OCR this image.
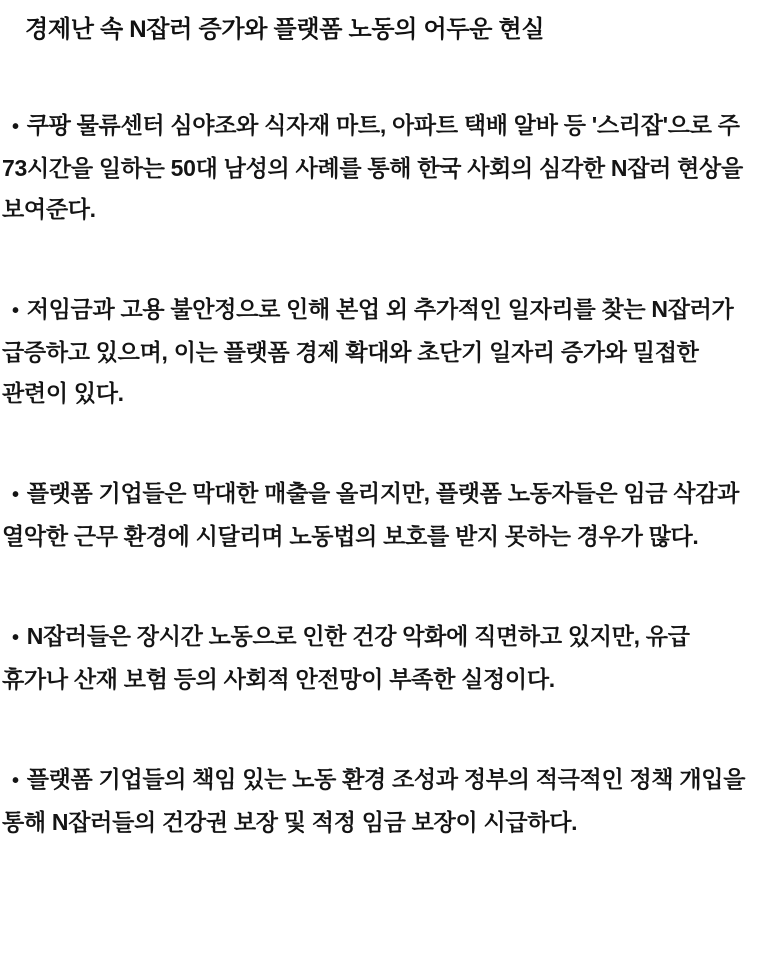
경제난 속 N잡러 증가와 플랫폼 노동의 어두운 현실

• 쿠팡 물류센터 심야조와 식자재 마트, 아파트 택배 알바 등 '스리잡'으로 주 73시간을 일하는 50대 남성의 사례를 통해 한국 사회의 심각한 N잡러 현상을 보여준다.

• 저임금과 고용 불안정으로 인해 본업 외 추가적인 일자리를 찾는 N잡러가 급증하고 있으며, 이는 플랫폼 경제 확대와 초단기 일자리 증가와 밀접한 관련이 있다.

• 플랫폼 기업들은 막대한 매출을 올리지만, 플랫폼 노동자들은 임금 삭감과 열악한 근무 환경에 시달리며 노동법의 보호를 받지 못하는 경우가 많다.

• N잡러들은 장시간 노동으로 인한 건강 악화에 직면하고 있지만, 유급 휴가나 산재 보험 등의 사회적 안전망이 부족한 실정이다.

• 플랫폼 기업들의 책임 있는 노동 환경 조성과 정부의 적극적인 정책 개입을 통해 N잡러들의 건강권 보장 및 적정 임금 보장이 시급하다.
